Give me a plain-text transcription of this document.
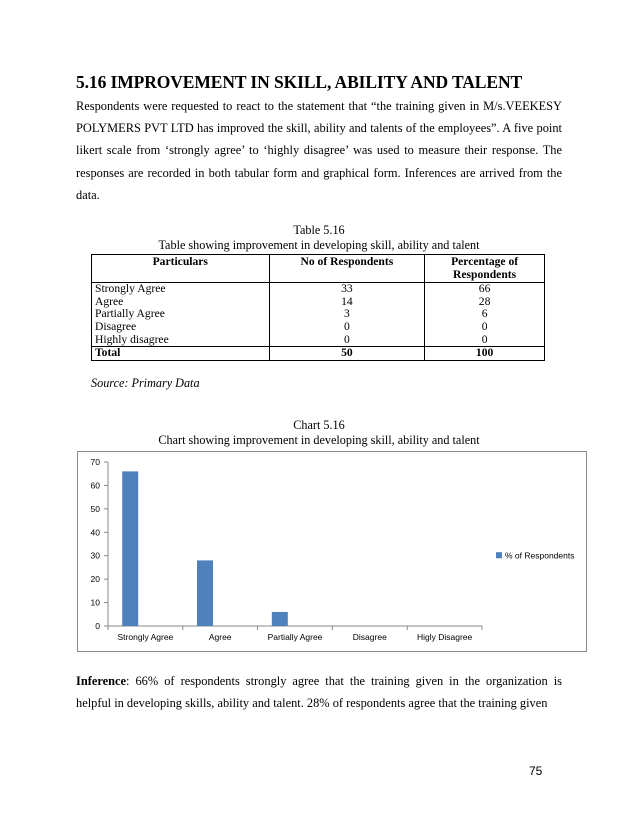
5.16 IMPROVEMENT IN SKILL, ABILITY AND TALENT

Respondents were requested to react to the statement that “the training given in M/s.VEEKESY POLYMERS PVT LTD has improved the skill, ability and talents of the employees”. A five point likert scale from ‘strongly agree’ to ‘highly disagree’ was used to measure their response. The responses are recorded in both tabular form and graphical form. Inferences are arrived from the data.

Table 5.16

Table showing improvement in developing skill, ability and talent

Particulars	No of Respondents	Percentage of Respondents
Strongly Agree	33	66
Agree	14	28
Partially Agree	3	6
Disagree	0	0
Highly disagree	0	0
Total	50	100

Source: Primary Data

Chart 5.16

Chart showing improvement in developing skill, ability and talent

0
10
20
30
40
50
60
70
Strongly Agree	Agree	Partially Agree	Disagree	Higly Disagree
% of Respondents

Inference: 66% of respondents strongly agree that the training given in the organization is helpful in developing skills, ability and talent. 28% of respondents agree that the training given

75
